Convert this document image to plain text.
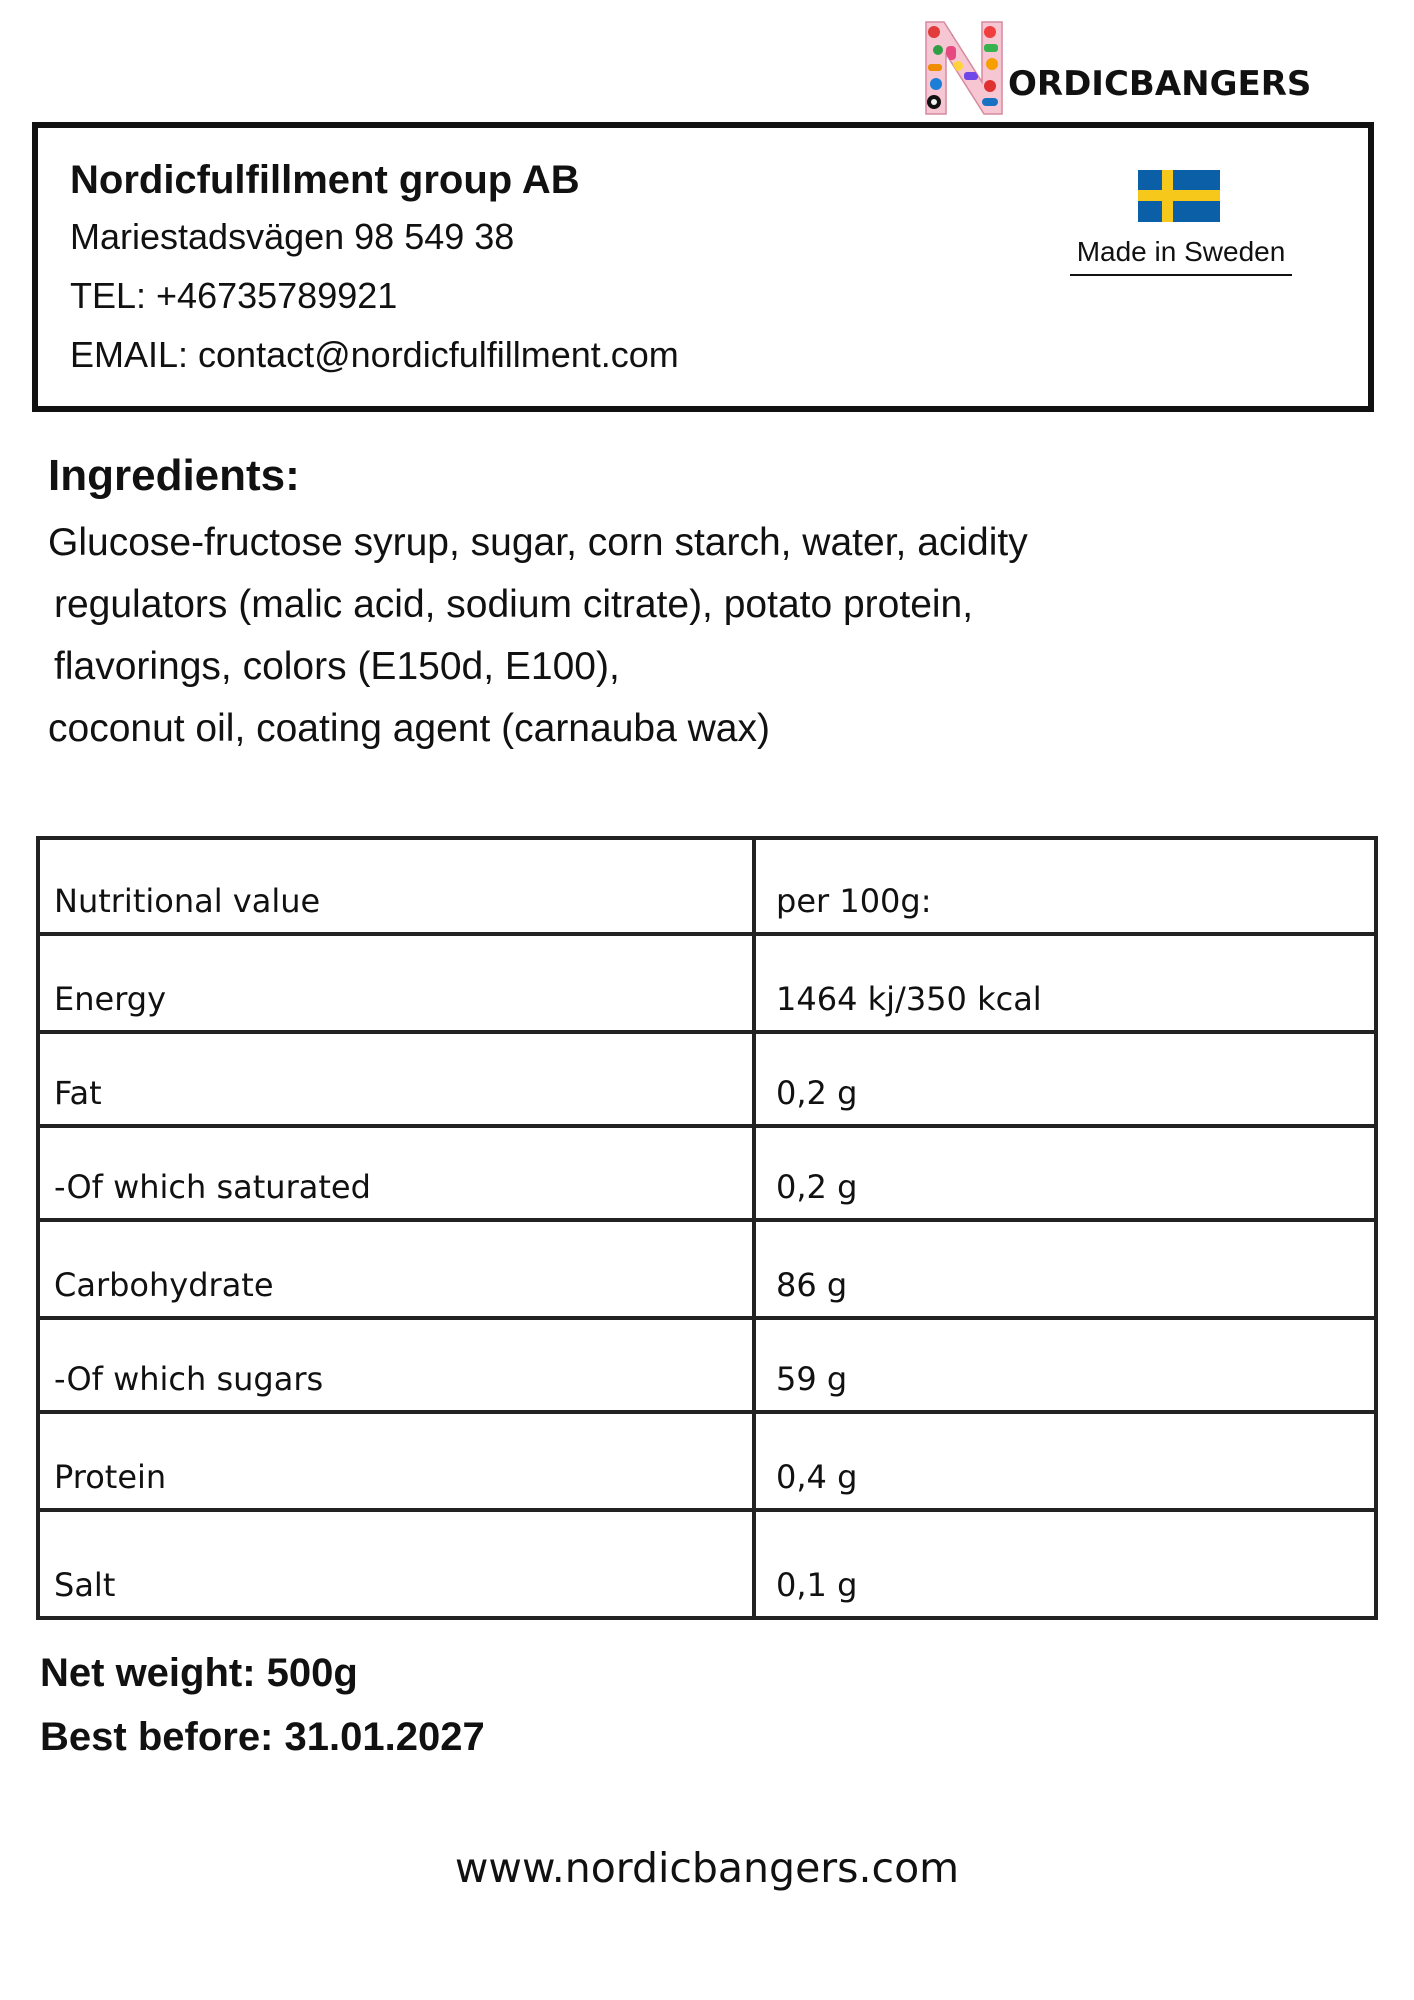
Nordicfulfillment group AB
Mariestadsvägen 98 549 38
TEL: +46735789921
EMAIL: contact@nordicfulfillment.com
ORDICBANGERS
Made in Sweden
Ingredients:
Glucose-fructose syrup, sugar, corn starch, water, acidity
regulators (malic acid, sodium citrate), potato protein,
flavorings, colors (E150d, E100),
coconut oil, coating agent (carnauba wax)
Nutritional value	per 100g:
Energy	1464 kj/350 kcal
Fat	0,2 g
-Of which saturated	0,2 g
Carbohydrate	86 g
-Of which sugars	59 g
Protein	0,4 g
Salt	0,1 g
Net weight: 500g
Best before: 31.01.2027
www.nordicbangers.com
